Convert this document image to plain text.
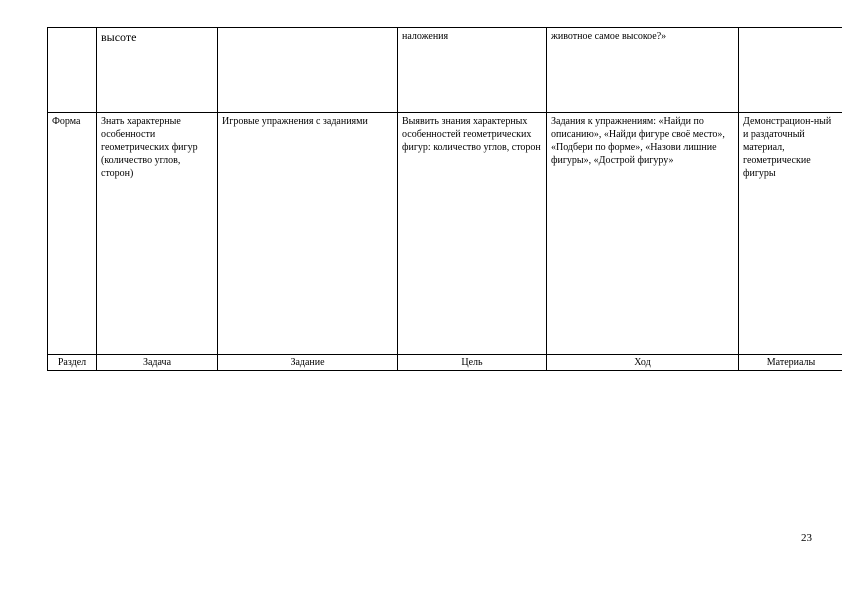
	высоте		наложения	животное самое высокое?»	
Форма	Знать характерные особенности геометрических фигур (количество углов, сторон)	Игровые упражнения с заданиями	Выявить знания характерных особенностей геометрических фигур: количество углов, сторон	Задания к упражнениям: «Найди по описанию», «Найди фигуре своё место», «Подбери по форме», «Назови лишние фигуры», «Дострой фигуру»	Демонстрацион-ный и раздаточный материал, геометрические фигуры
Раздел	Задача	Задание	Цель	Ход	Материалы
23
